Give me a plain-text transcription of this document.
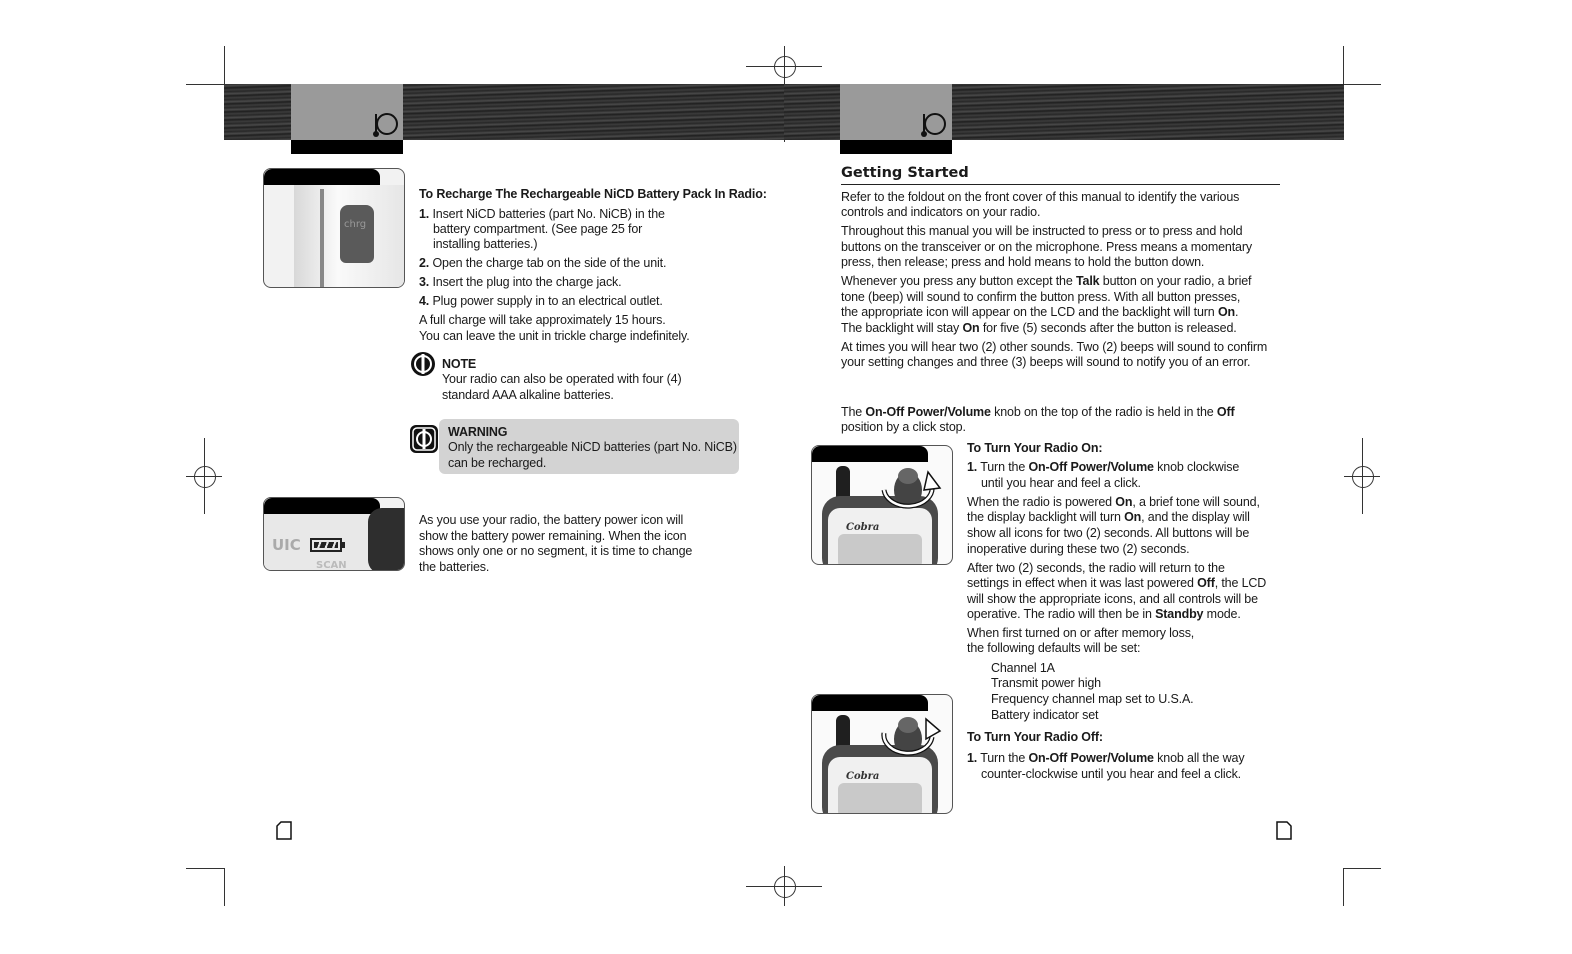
chrg
To Recharge The Rechargeable NiCD Battery Pack In Radio:
1. Insert NiCD batteries (part No. NiCB) in the
battery compartment. (See page 25 for
installing batteries.)
2. Open the charge tab on the side of the unit.
3. Insert the plug into the charge jack.
4. Plug power supply in to an electrical outlet.
A full charge will take approximately 15 hours.
You can leave the unit in trickle charge indefinitely.
NOTE
Your radio can also be operated with four (4)
standard AAA alkaline batteries.
WARNING
Only the rechargeable NiCD batteries (part No. NiCB)
can be recharged.
UIC
SCAN
As you use your radio, the battery power icon will
show the battery power remaining. When the icon
shows only one or no segment, it is time to change
the batteries.
Getting Started
Refer to the foldout on the front cover of this manual to identify the various
controls and indicators on your radio.
Throughout this manual you will be instructed to press or to press and hold
buttons on the transceiver or on the microphone. Press means a momentary
press, then release; press and hold means to hold the button down.
Whenever you press any button except the Talk button on your radio, a brief
tone (beep) will sound to confirm the button press. With all button presses,
the appropriate icon will appear on the LCD and the backlight will turn On.
The backlight will stay On for five (5) seconds after the button is released.
At times you will hear two (2) other sounds. Two (2) beeps will sound to confirm
your setting changes and three (3) beeps will sound to notify you of an error.
The On-Off Power/Volume knob on the top of the radio is held in the Off
position by a click stop.
Cobra
To Turn Your Radio On:
1. Turn the On-Off Power/Volume knob clockwise
until you hear and feel a click.
When the radio is powered On, a brief tone will sound,
the display backlight will turn On, and the display will
show all icons for two (2) seconds. All buttons will be
inoperative during these two (2) seconds.
After two (2) seconds, the radio will return to the
settings in effect when it was last powered Off, the LCD
will show the appropriate icons, and all controls will be
operative. The radio will then be in Standby mode.
When first turned on or after memory loss,
the following defaults will be set:
Channel 1A
Transmit power high
Frequency channel map set to U.S.A.
Battery indicator set
Cobra
To Turn Your Radio Off:
1. Turn the On-Off Power/Volume knob all the way
counter-clockwise until you hear and feel a click.
